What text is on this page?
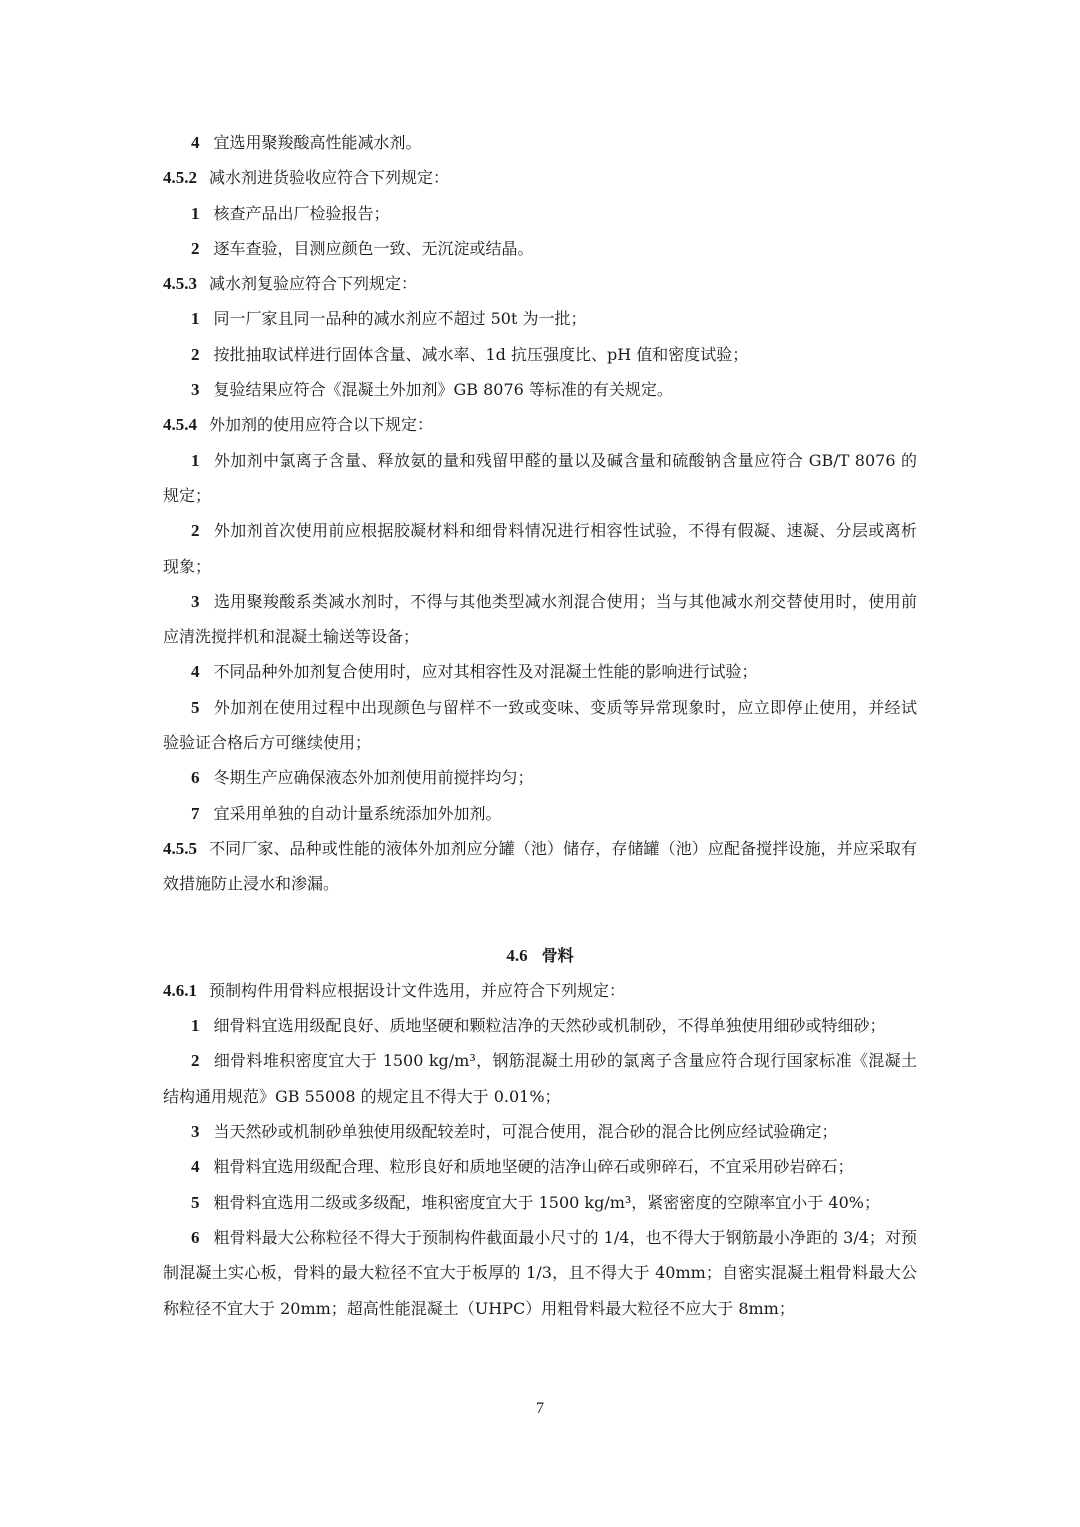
4 宜选用聚羧酸高性能减水剂。

4.5.2 减水剂进货验收应符合下列规定：

1 核查产品出厂检验报告；

2 逐车查验，目测应颜色一致、无沉淀或结晶。

4.5.3 减水剂复验应符合下列规定：

1 同一厂家且同一品种的减水剂应不超过 50t 为一批；

2 按批抽取试样进行固体含量、减水率、1d 抗压强度比、pH 值和密度试验；

3 复验结果应符合《混凝土外加剂》GB 8076 等标准的有关规定。

4.5.4 外加剂的使用应符合以下规定：

1 外加剂中氯离子含量、释放氨的量和残留甲醛的量以及碱含量和硫酸钠含量应符合 GB/T 8076 的规定；

2 外加剂首次使用前应根据胶凝材料和细骨料情况进行相容性试验，不得有假凝、速凝、分层或离析现象；

3 选用聚羧酸系类减水剂时，不得与其他类型减水剂混合使用；当与其他减水剂交替使用时，使用前应清洗搅拌机和混凝土输送等设备；

4 不同品种外加剂复合使用时，应对其相容性及对混凝土性能的影响进行试验；

5 外加剂在使用过程中出现颜色与留样不一致或变味、变质等异常现象时，应立即停止使用，并经试验验证合格后方可继续使用；

6 冬期生产应确保液态外加剂使用前搅拌均匀；

7 宜采用单独的自动计量系统添加外加剂。

4.5.5 不同厂家、品种或性能的液体外加剂应分罐（池）储存，存储罐（池）应配备搅拌设施，并应采取有效措施防止浸水和渗漏。

4.6 骨料

4.6.1 预制构件用骨料应根据设计文件选用，并应符合下列规定：

1 细骨料宜选用级配良好、质地坚硬和颗粒洁净的天然砂或机制砂，不得单独使用细砂或特细砂；

2 细骨料堆积密度宜大于 1500 kg/m³，钢筋混凝土用砂的氯离子含量应符合现行国家标准《混凝土结构通用规范》GB 55008 的规定且不得大于 0.01%；

3 当天然砂或机制砂单独使用级配较差时，可混合使用，混合砂的混合比例应经试验确定；

4 粗骨料宜选用级配合理、粒形良好和质地坚硬的洁净山碎石或卵碎石，不宜采用砂岩碎石；

5 粗骨料宜选用二级或多级配，堆积密度宜大于 1500 kg/m³，紧密密度的空隙率宜小于 40%；

6 粗骨料最大公称粒径不得大于预制构件截面最小尺寸的 1/4，也不得大于钢筋最小净距的 3/4；对预制混凝土实心板，骨料的最大粒径不宜大于板厚的 1/3，且不得大于 40mm；自密实混凝土粗骨料最大公称粒径不宜大于 20mm；超高性能混凝土（UHPC）用粗骨料最大粒径不应大于 8mm；

7
